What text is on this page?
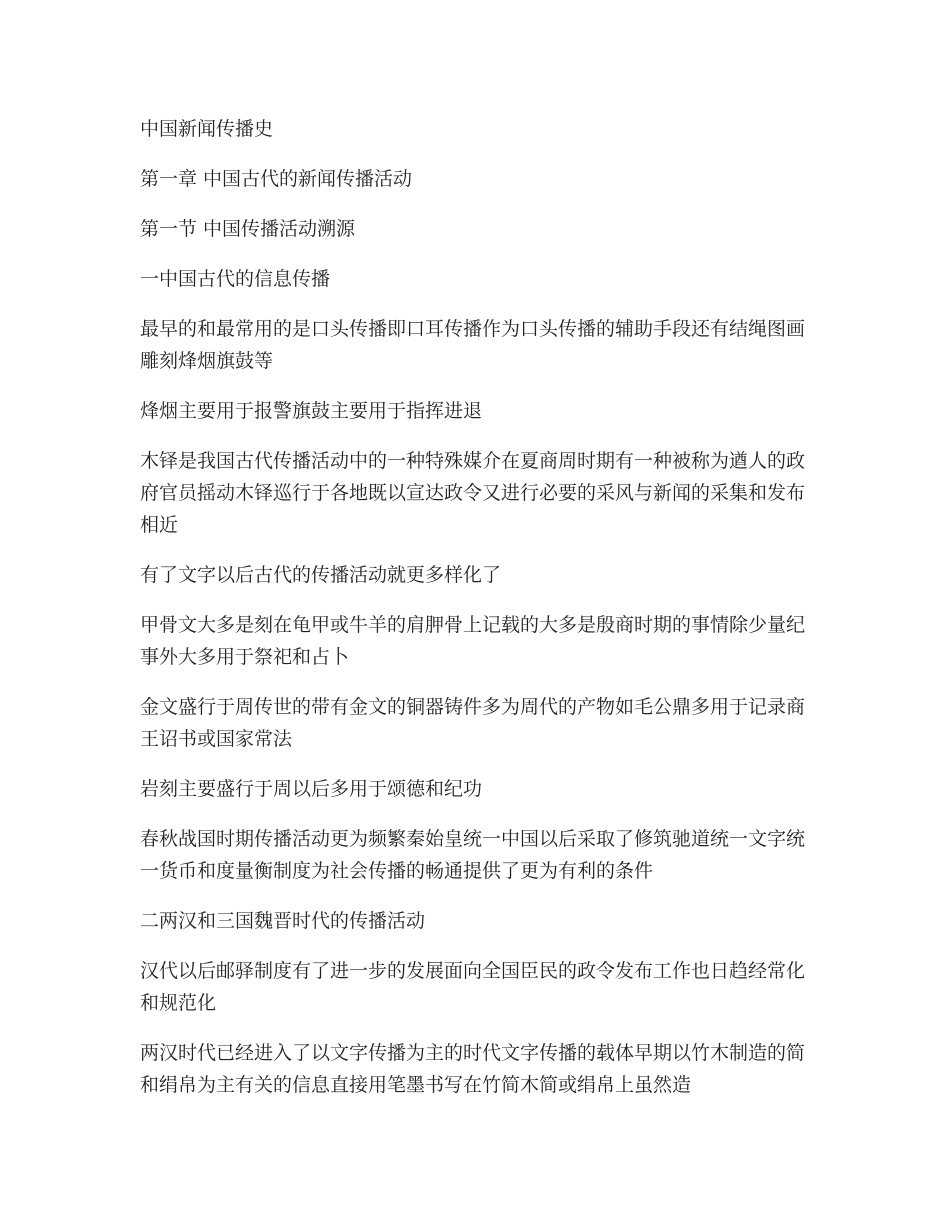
中国新闻传播史

第一章 中国古代的新闻传播活动

第一节 中国传播活动溯源

一中国古代的信息传播

最早的和最常用的是口头传播即口耳传播作为口头传播的辅助手段还有结绳图画雕刻烽烟旗鼓等

烽烟主要用于报警旗鼓主要用于指挥进退

木铎是我国古代传播活动中的一种特殊媒介在夏商周时期有一种被称为遒人的政府官员摇动木铎巡行于各地既以宣达政令又进行必要的采风与新闻的采集和发布相近

有了文字以后古代的传播活动就更多样化了

甲骨文大多是刻在龟甲或牛羊的肩胛骨上记载的大多是殷商时期的事情除少量纪事外大多用于祭祀和占卜

金文盛行于周传世的带有金文的铜器铸件多为周代的产物如毛公鼎多用于记录商王诏书或国家常法

岩刻主要盛行于周以后多用于颂德和纪功

春秋战国时期传播活动更为频繁秦始皇统一中国以后采取了修筑驰道统一文字统一货币和度量衡制度为社会传播的畅通提供了更为有利的条件

二两汉和三国魏晋时代的传播活动

汉代以后邮驿制度有了进一步的发展面向全国臣民的政令发布工作也日趋经常化和规范化

两汉时代已经进入了以文字传播为主的时代文字传播的载体早期以竹木制造的简和绢帛为主有关的信息直接用笔墨书写在竹简木简或绢帛上虽然造
